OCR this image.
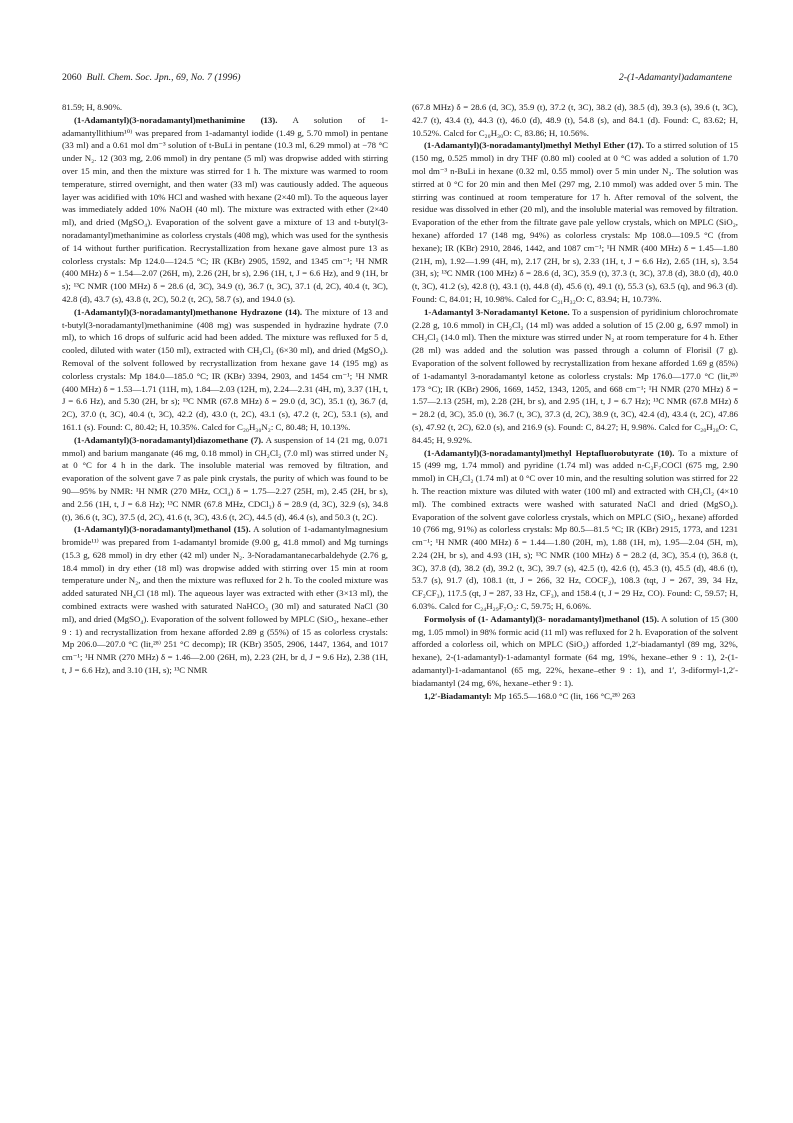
2060 Bull. Chem. Soc. Jpn., 69, No. 7 (1996)	2-(1-Adamantyl)adamantene

81.59; H, 8.90%.

(1-Adamantyl)(3-noradamantyl)methanimine (13). A solution of 1-adamantyllithium¹⁰⁾ was prepared from 1-adamantyl iodide (1.49 g, 5.70 mmol) in pentane (33 ml) and a 0.61 mol dm⁻³ solution of t-BuLi in pentane (10.3 ml, 6.29 mmol) at −78 °C under N₂. 12 (303 mg, 2.06 mmol) in dry pentane (5 ml) was dropwise added with stirring over 15 min, and then the mixture was stirred for 1 h. The mixture was warmed to room temperature, stirred overnight, and then water (33 ml) was cautiously added. The aqueous layer was acidified with 10% HCl and washed with hexane (2×40 ml). To the aqueous layer was immediately added 10% NaOH (40 ml). The mixture was extracted with ether (2×40 ml), and dried (MgSO₄). Evaporation of the solvent gave a mixture of 13 and t-butyl(3-noradamantyl)methanimine as colorless crystals (408 mg), which was used for the synthesis of 14 without further purification. Recrystallization from hexane gave almost pure 13 as colorless crystals: Mp 124.0—124.5 °C; IR (KBr) 2905, 1592, and 1345 cm⁻¹; ¹H NMR (400 MHz) δ = 1.54—2.07 (26H, m), 2.26 (2H, br s), 2.96 (1H, t, J = 6.6 Hz), and 9 (1H, br s); ¹³C NMR (100 MHz) δ = 28.6 (d, 3C), 34.9 (t), 36.7 (t, 3C), 37.1 (d, 2C), 40.4 (t, 3C), 42.8 (d), 43.7 (s), 43.8 (t, 2C), 50.2 (t, 2C), 58.7 (s), and 194.0 (s).

(1-Adamantyl)(3-noradamantyl)methanone Hydrazone (14). The mixture of 13 and t-butyl(3-noradamantyl)methanimine (408 mg) was suspended in hydrazine hydrate (7.0 ml), to which 16 drops of sulfuric acid had been added. The mixture was refluxed for 5 d, cooled, diluted with water (150 ml), extracted with CH₂Cl₂ (6×30 ml), and dried (MgSO₄). Removal of the solvent followed by recrystallization from hexane gave 14 (195 mg) as colorless crystals: Mp 184.0—185.0 °C; IR (KBr) 3394, 2903, and 1454 cm⁻¹; ¹H NMR (400 MHz) δ = 1.53—1.71 (11H, m), 1.84—2.03 (12H, m), 2.24—2.31 (4H, m), 3.37 (1H, t, J = 6.6 Hz), and 5.30 (2H, br s); ¹³C NMR (67.8 MHz) δ = 29.0 (d, 3C), 35.1 (t), 36.7 (d, 2C), 37.0 (t, 3C), 40.4 (t, 3C), 42.2 (d), 43.0 (t, 2C), 43.1 (s), 47.2 (t, 2C), 53.1 (s), and 161.1 (s). Found: C, 80.42; H, 10.35%. Calcd for C₂₀H₃₀N₂: C, 80.48; H, 10.13%.

(1-Adamantyl)(3-noradamantyl)diazomethane (7). A suspension of 14 (21 mg, 0.071 mmol) and barium manganate (46 mg, 0.18 mmol) in CH₂Cl₂ (7.0 ml) was stirred under N₂ at 0 °C for 4 h in the dark. The insoluble material was removed by filtration, and evaporation of the solvent gave 7 as pale pink crystals, the purity of which was found to be 90—95% by NMR: ¹H NMR (270 MHz, CCl₄) δ = 1.75—2.27 (25H, m), 2.45 (2H, br s), and 2.56 (1H, t, J = 6.8 Hz); ¹³C NMR (67.8 MHz, CDCl₃) δ = 28.9 (d, 3C), 32.9 (s), 34.8 (t), 36.6 (t, 3C), 37.5 (d, 2C), 41.6 (t, 3C), 43.6 (t, 2C), 44.5 (d), 46.4 (s), and 50.3 (t, 2C).

(1-Adamantyl)(3-noradamantyl)methanol (15). A solution of 1-adamantylmagnesium bromide¹¹⁾ was prepared from 1-adamantyl bromide (9.00 g, 41.8 mmol) and Mg turnings (15.3 g, 628 mmol) in dry ether (42 ml) under N₂. 3-Noradamantanecarbaldehyde (2.76 g, 18.4 mmol) in dry ether (18 ml) was dropwise added with stirring over 15 min at room temperature under N₂, and then the mixture was refluxed for 2 h. To the cooled mixture was added saturated NH₄Cl (18 ml). The aqueous layer was extracted with ether (3×13 ml), the combined extracts were washed with saturated NaHCO₃ (30 ml) and saturated NaCl (30 ml), and dried (MgSO₄). Evaporation of the solvent followed by MPLC (SiO₂, hexane–ether 9 : 1) and recrystallization from hexane afforded 2.89 g (55%) of 15 as colorless crystals: Mp 206.0—207.0 °C (lit,²⁸⁾ 251 °C decomp); IR (KBr) 3505, 2906, 1447, 1364, and 1017 cm⁻¹; ¹H NMR (270 MHz) δ = 1.46—2.00 (26H, m), 2.23 (2H, br d, J = 9.6 Hz), 2.38 (1H, t, J = 6.6 Hz), and 3.10 (1H, s); ¹³C NMR

(67.8 MHz) δ = 28.6 (d, 3C), 35.9 (t), 37.2 (t, 3C), 38.2 (d), 38.5 (d), 39.3 (s), 39.6 (t, 3C), 42.7 (t), 43.4 (t), 44.3 (t), 46.0 (d), 48.9 (t), 54.8 (s), and 84.1 (d). Found: C, 83.62; H, 10.52%. Calcd for C₂₀H₃₀O: C, 83.86; H, 10.56%.

(1-Adamantyl)(3-noradamantyl)methyl Methyl Ether (17). To a stirred solution of 15 (150 mg, 0.525 mmol) in dry THF (0.80 ml) cooled at 0 °C was added a solution of 1.70 mol dm⁻³ n-BuLi in hexane (0.32 ml, 0.55 mmol) over 5 min under N₂. The solution was stirred at 0 °C for 20 min and then MeI (297 mg, 2.10 mmol) was added over 5 min. The stirring was continued at room temperature for 17 h. After removal of the solvent, the residue was dissolved in ether (20 ml), and the insoluble material was removed by filtration. Evaporation of the ether from the filtrate gave pale yellow crystals, which on MPLC (SiO₂, hexane) afforded 17 (148 mg, 94%) as colorless crystals: Mp 108.0—109.5 °C (from hexane); IR (KBr) 2910, 2846, 1442, and 1087 cm⁻¹; ¹H NMR (400 MHz) δ = 1.45—1.80 (21H, m), 1.92—1.99 (4H, m), 2.17 (2H, br s), 2.33 (1H, t, J = 6.6 Hz), 2.65 (1H, s), 3.54 (3H, s); ¹³C NMR (100 MHz) δ = 28.6 (d, 3C), 35.9 (t), 37.3 (t, 3C), 37.8 (d), 38.0 (d), 40.0 (t, 3C), 41.2 (s), 42.8 (t), 43.1 (t), 44.8 (d), 45.6 (t), 49.1 (t), 55.3 (s), 63.5 (q), and 96.3 (d). Found: C, 84.01; H, 10.98%. Calcd for C₂₁H₃₂O: C, 83.94; H, 10.73%.

1-Adamantyl 3-Noradamantyl Ketone. To a suspension of pyridinium chlorochromate (2.28 g, 10.6 mmol) in CH₂Cl₂ (14 ml) was added a solution of 15 (2.00 g, 6.97 mmol) in CH₂Cl₂ (14.0 ml). Then the mixture was stirred under N₂ at room temperature for 4 h. Ether (28 ml) was added and the solution was passed through a column of Florisil (7 g). Evaporation of the solvent followed by recrystallization from hexane afforded 1.69 g (85%) of 1-adamantyl 3-noradamantyl ketone as colorless crystals: Mp 176.0—177.0 °C (lit,²⁸⁾ 173 °C); IR (KBr) 2906, 1669, 1452, 1343, 1205, and 668 cm⁻¹; ¹H NMR (270 MHz) δ = 1.57—2.13 (25H, m), 2.28 (2H, br s), and 2.95 (1H, t, J = 6.7 Hz); ¹³C NMR (67.8 MHz) δ = 28.2 (d, 3C), 35.0 (t), 36.7 (t, 3C), 37.3 (d, 2C), 38.9 (t, 3C), 42.4 (d), 43.4 (t, 2C), 47.86 (s), 47.92 (t, 2C), 62.0 (s), and 216.9 (s). Found: C, 84.27; H, 9.98%. Calcd for C₂₀H₂₈O: C, 84.45; H, 9.92%.

(1-Adamantyl)(3-noradamantyl)methyl Heptafluorobutyrate (10). To a mixture of 15 (499 mg, 1.74 mmol) and pyridine (1.74 ml) was added n-C₃F₇COCl (675 mg, 2.90 mmol) in CH₂Cl₂ (1.74 ml) at 0 °C over 10 min, and the resulting solution was stirred for 22 h. The reaction mixture was diluted with water (100 ml) and extracted with CH₂Cl₂ (4×10 ml). The combined extracts were washed with saturated NaCl and dried (MgSO₄). Evaporation of the solvent gave colorless crystals, which on MPLC (SiO₂, hexane) afforded 10 (766 mg, 91%) as colorless crystals: Mp 80.5—81.5 °C; IR (KBr) 2915, 1773, and 1231 cm⁻¹; ¹H NMR (400 MHz) δ = 1.44—1.80 (20H, m), 1.88 (1H, m), 1.95—2.04 (5H, m), 2.24 (2H, br s), and 4.93 (1H, s); ¹³C NMR (100 MHz) δ = 28.2 (d, 3C), 35.4 (t), 36.8 (t, 3C), 37.8 (d), 38.2 (d), 39.2 (t, 3C), 39.7 (s), 42.5 (t), 42.6 (t), 45.3 (t), 45.5 (d), 48.6 (t), 53.7 (s), 91.7 (d), 108.1 (tt, J = 266, 32 Hz, COCF₂), 108.3 (tqt, J = 267, 39, 34 Hz, CF₂CF₃), 117.5 (qt, J = 287, 33 Hz, CF₃), and 158.4 (t, J = 29 Hz, CO). Found: C, 59.57; H, 6.03%. Calcd for C₂₄H₂₉F₇O₂: C, 59.75; H, 6.06%.

Formolysis of (1- Adamantyl)(3- noradamantyl)methanol (15). A solution of 15 (300 mg, 1.05 mmol) in 98% formic acid (11 ml) was refluxed for 2 h. Evaporation of the solvent afforded a colorless oil, which on MPLC (SiO₂) afforded 1,2′-biadamantyl (89 mg, 32%, hexane), 2-(1-adamantyl)-1-adamantyl formate (64 mg, 19%, hexane–ether 9 : 1), 2-(1-adamantyl)-1-adamantanol (65 mg, 22%, hexane–ether 9 : 1), and 1′, 3-diformyl-1,2′-biadamantyl (24 mg, 6%, hexane–ether 9 : 1).

1,2′-Biadamantyl: Mp 165.5—168.0 °C (lit, 166 °C,²⁸⁾ 263
